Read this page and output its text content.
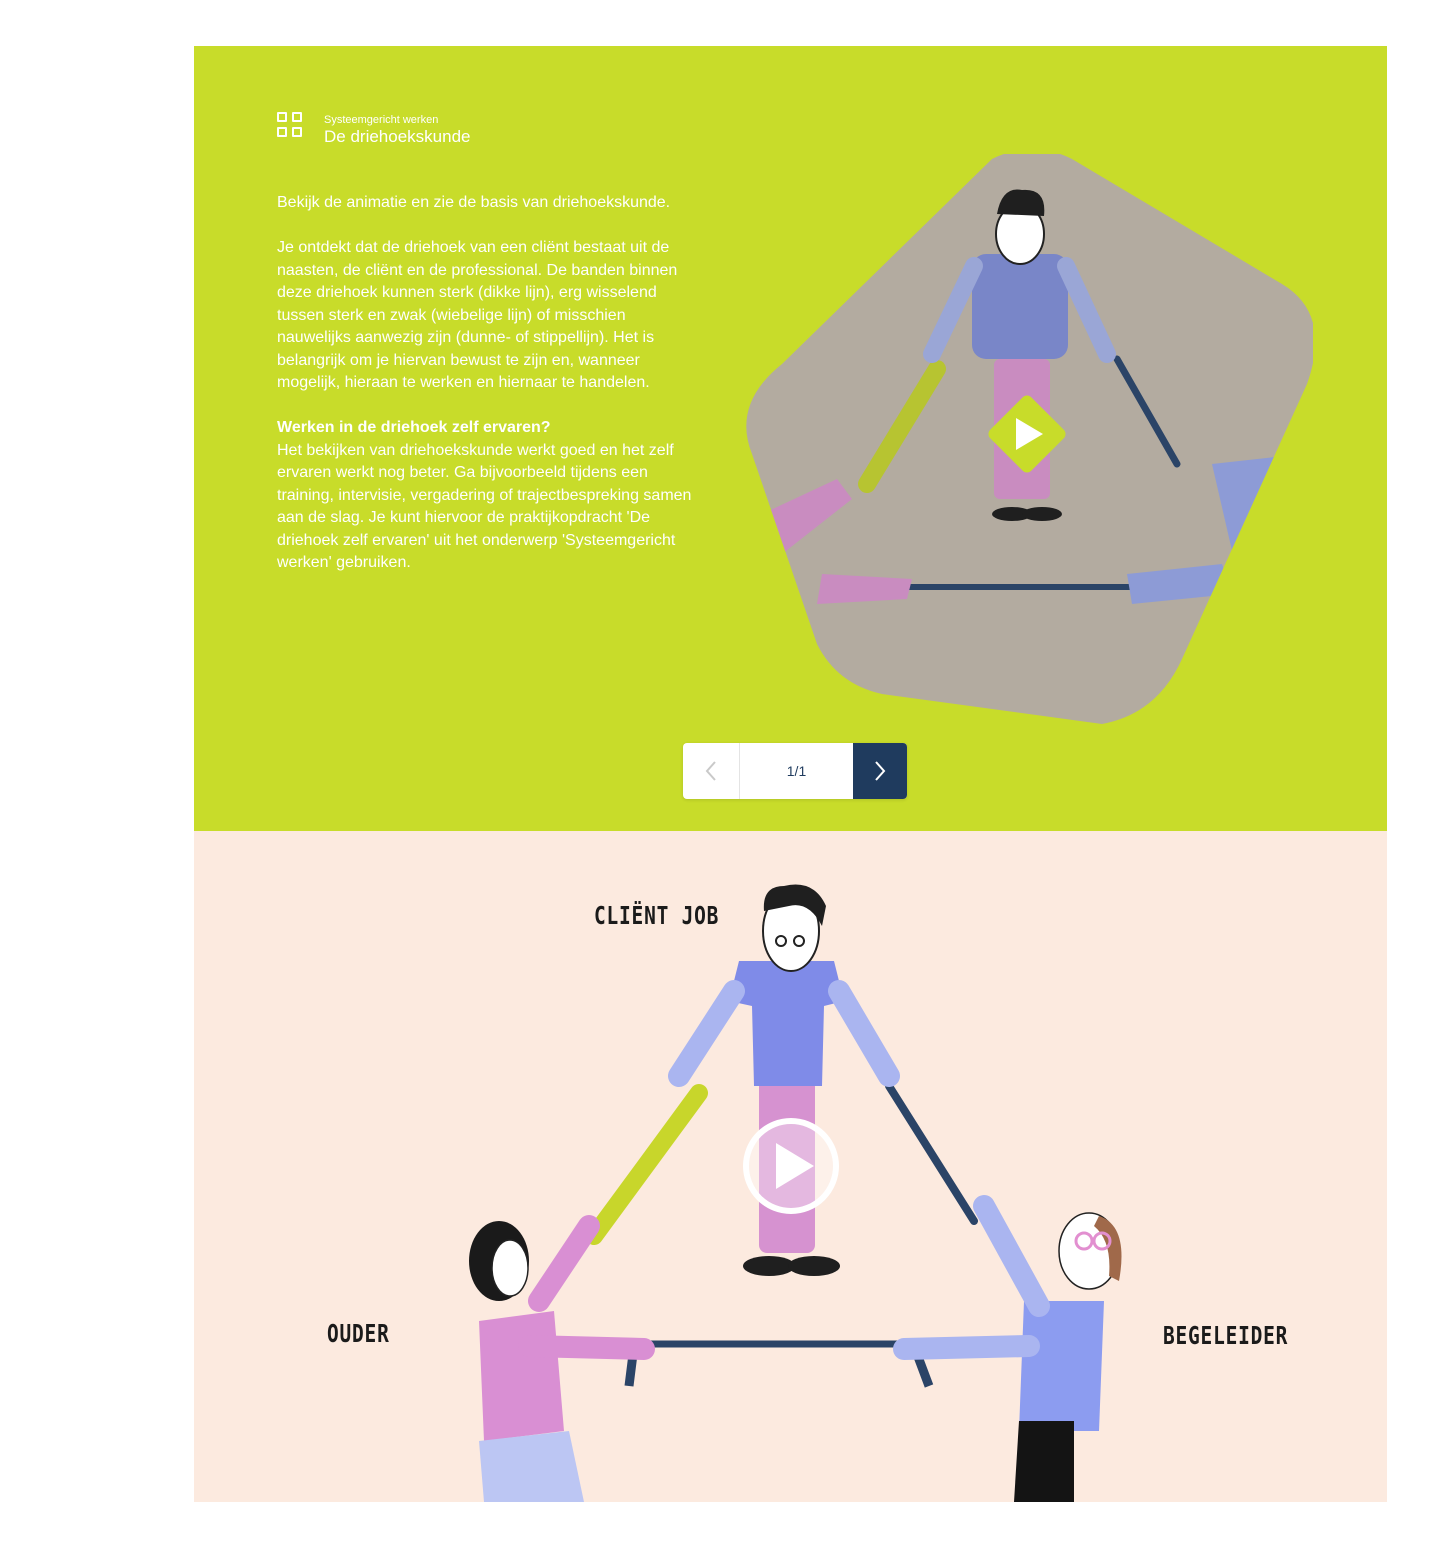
Systeemgericht werken
De driehoekskunde

Bekijk de animatie en zie de basis van driehoekskunde.

Je ontdekt dat de driehoek van een cliënt bestaat uit de naasten, de cliënt en de professional. De banden binnen deze driehoek kunnen sterk (dikke lijn), erg wisselend tussen sterk en zwak (wiebelige lijn) of misschien nauwelijks aanwezig zijn (dunne- of stippellijn). Het is belangrijk om je hiervan bewust te zijn en, wanneer mogelijk, hieraan te werken en hiernaar te handelen.

Werken in de driehoek zelf ervaren?

Het bekijken van driehoekskunde werkt goed en het zelf ervaren werkt nog beter. Ga bijvoorbeeld tijdens een training, intervisie, vergadering of trajectbespreking samen aan de slag. Je kunt hiervoor de praktijkopdracht 'De driehoek zelf ervaren' uit het onderwerp 'Systeemgericht werken' gebruiken.

1/1
CLIËNT JOB
OUDER	BEGELEIDER
